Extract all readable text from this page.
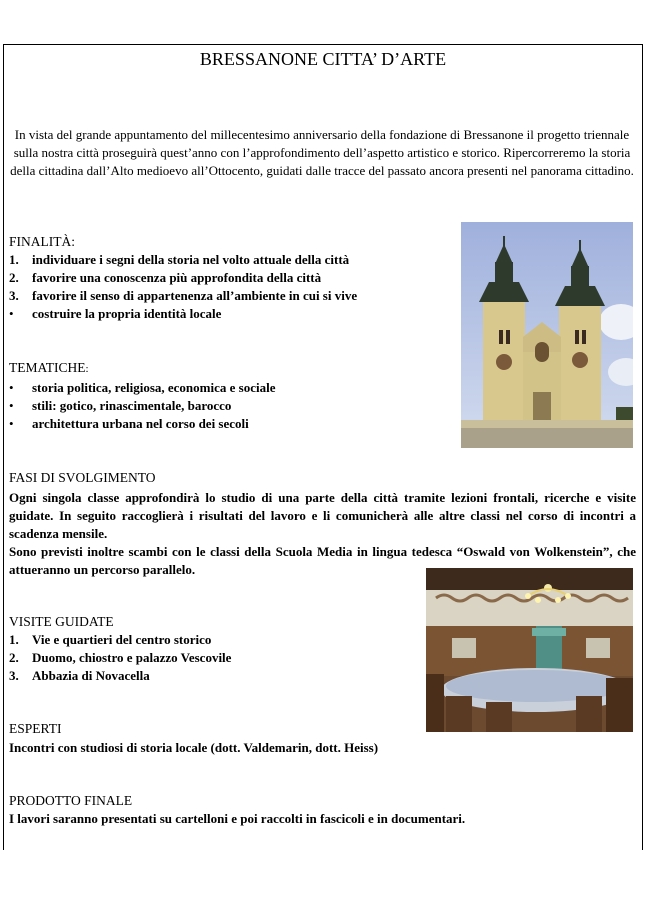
BRESSANONE CITTA’ D’ARTE
In vista del grande appuntamento del millecentesimo anniversario della fondazione di Bressanone il progetto triennale sulla nostra città proseguirà quest’anno con l’approfondimento dell’aspetto artistico e storico. Ripercorreremo la storia della cittadina dall’Alto medioevo all’Ottocento, guidati dalle tracce del passato ancora presenti nel panorama cittadino.
FINALITÀ:
1. individuare i segni della storia nel volto attuale della città
2. favorire una conoscenza più approfondita della città
3. favorire il senso di appartenenza all’ambiente in cui si vive
• costruire la propria identità locale
TEMATICHE:
• storia politica, religiosa, economica e sociale
• stili: gotico, rinascimentale, barocco
• architettura urbana nel corso dei secoli
FASI DI SVOLGIMENTO
Ogni singola classe approfondirà lo studio di una parte della città tramite lezioni frontali, ricerche e visite guidate. In seguito raccoglierà i risultati del lavoro e li comunicherà alle altre classi nel corso di incontri a scadenza mensile.
Sono previsti inoltre scambi con le classi della Scuola Media in lingua tedesca “Oswald von Wolkenstein”, che attueranno un percorso parallelo.
VISITE GUIDATE
1. Vie e quartieri del centro storico
2. Duomo, chiostro e palazzo Vescovile
3. Abbazia di Novacella
ESPERTI
Incontri con studiosi di storia locale (dott. Valdemarin, dott. Heiss)
PRODOTTO FINALE
I lavori saranno presentati su cartelloni e poi raccolti in fascicoli e in documentari.
